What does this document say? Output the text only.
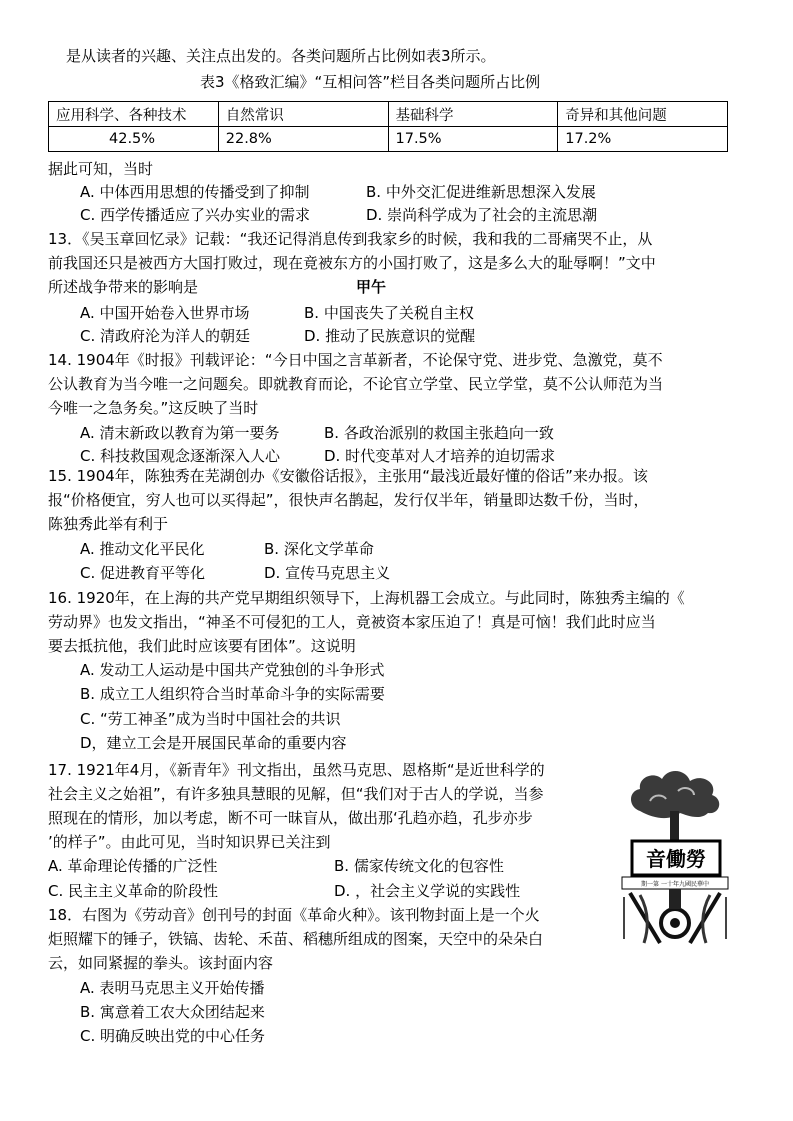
是从读者的兴趣、关注点出发的。各类问题所占比例如表3所示。
表3《格致汇编》“互相问答”栏目各类问题所占比例
应用科学、各种技术	自然常识	基础科学	奇异和其他问题
42.5%	22.8%	17.5%	17.2%
据此可知，当时
A. 中体西用思想的传播受到了抑制	B. 中外交汇促进维新思想深入发展
C. 西学传播适应了兴办实业的需求	D. 崇尚科学成为了社会的主流思潮
13．《吴玉章回忆录》记载：“我还记得消息传到我家乡的时候，我和我的二哥痛哭不止，从
前我国还只是被西方大国打败过，现在竟被东方的小国打败了，这是多么大的耻辱啊！”文中
所述战争带来的影响是	甲午
A. 中国开始卷入世界市场	B. 中国丧失了关税自主权
C. 清政府沦为洋人的朝廷	D. 推动了民族意识的觉醒
14. 1904年《时报》刊载评论：“今日中国之言革新者，不论保守党、进步党、急激党，莫不
公认教育为当今唯一之问题矣。即就教育而论，不论官立学堂、民立学堂，莫不公认师范为当
今唯一之急务矣。”这反映了当时
A. 清末新政以教育为第一要务	B. 各政治派别的救国主张趋向一致
C. 科技救国观念逐渐深入人心	D. 时代变革对人才培养的迫切需求
15. 1904年，陈独秀在芜湖创办《安徽俗话报》，主张用“最浅近最好懂的俗话”来办报。该
报“价格便宜，穷人也可以买得起”，很快声名鹊起，发行仅半年，销量即达数千份，当时，
陈独秀此举有利于
A. 推动文化平民化	B. 深化文学革命
C. 促进教育平等化	D. 宣传马克思主义
16. 1920年，在上海的共产党早期组织领导下，上海机器工会成立。与此同时，陈独秀主编的《
劳动界》也发文指出，“神圣不可侵犯的工人，竟被资本家压迫了！真是可恼！我们此时应当
要去抵抗他，我们此时应该要有团体”。这说明
A. 发动工人运动是中国共产党独创的斗争形式
B. 成立工人组织符合当时革命斗争的实际需要
C. “劳工神圣”成为当时中国社会的共识
D，建立工会是开展国民革命的重要内容
17. 1921年4月，《新青年》刊文指出，虽然马克思、恩格斯“是近世科学的
社会主义之始祖”，有许多独具慧眼的见解，但“我们对于古人的学说，当参
照现在的情形，加以考虑，断不可一昧盲从，做出那‘孔趋亦趋，孔步亦步
’的样子”。由此可见，当时知识界已关注到
A. 革命理论传播的广泛性	B. 儒家传统文化的包容性
C. 民主主义革命的阶段性	D. ，社会主义学说的实践性
18．右图为《劳动音》创刊号的封面《革命火种》。该刊物封面上是一个火
炬照耀下的锤子，铁镐、齿轮、禾苗、稻穗所组成的图案，天空中的朵朵白
云，如同紧握的拳头。该封面内容
A. 表明马克思主义开始传播
B. 寓意着工农大众团结起来
C. 明确反映出党的中心任务
音働勞
期一第 一十年九國民華中
